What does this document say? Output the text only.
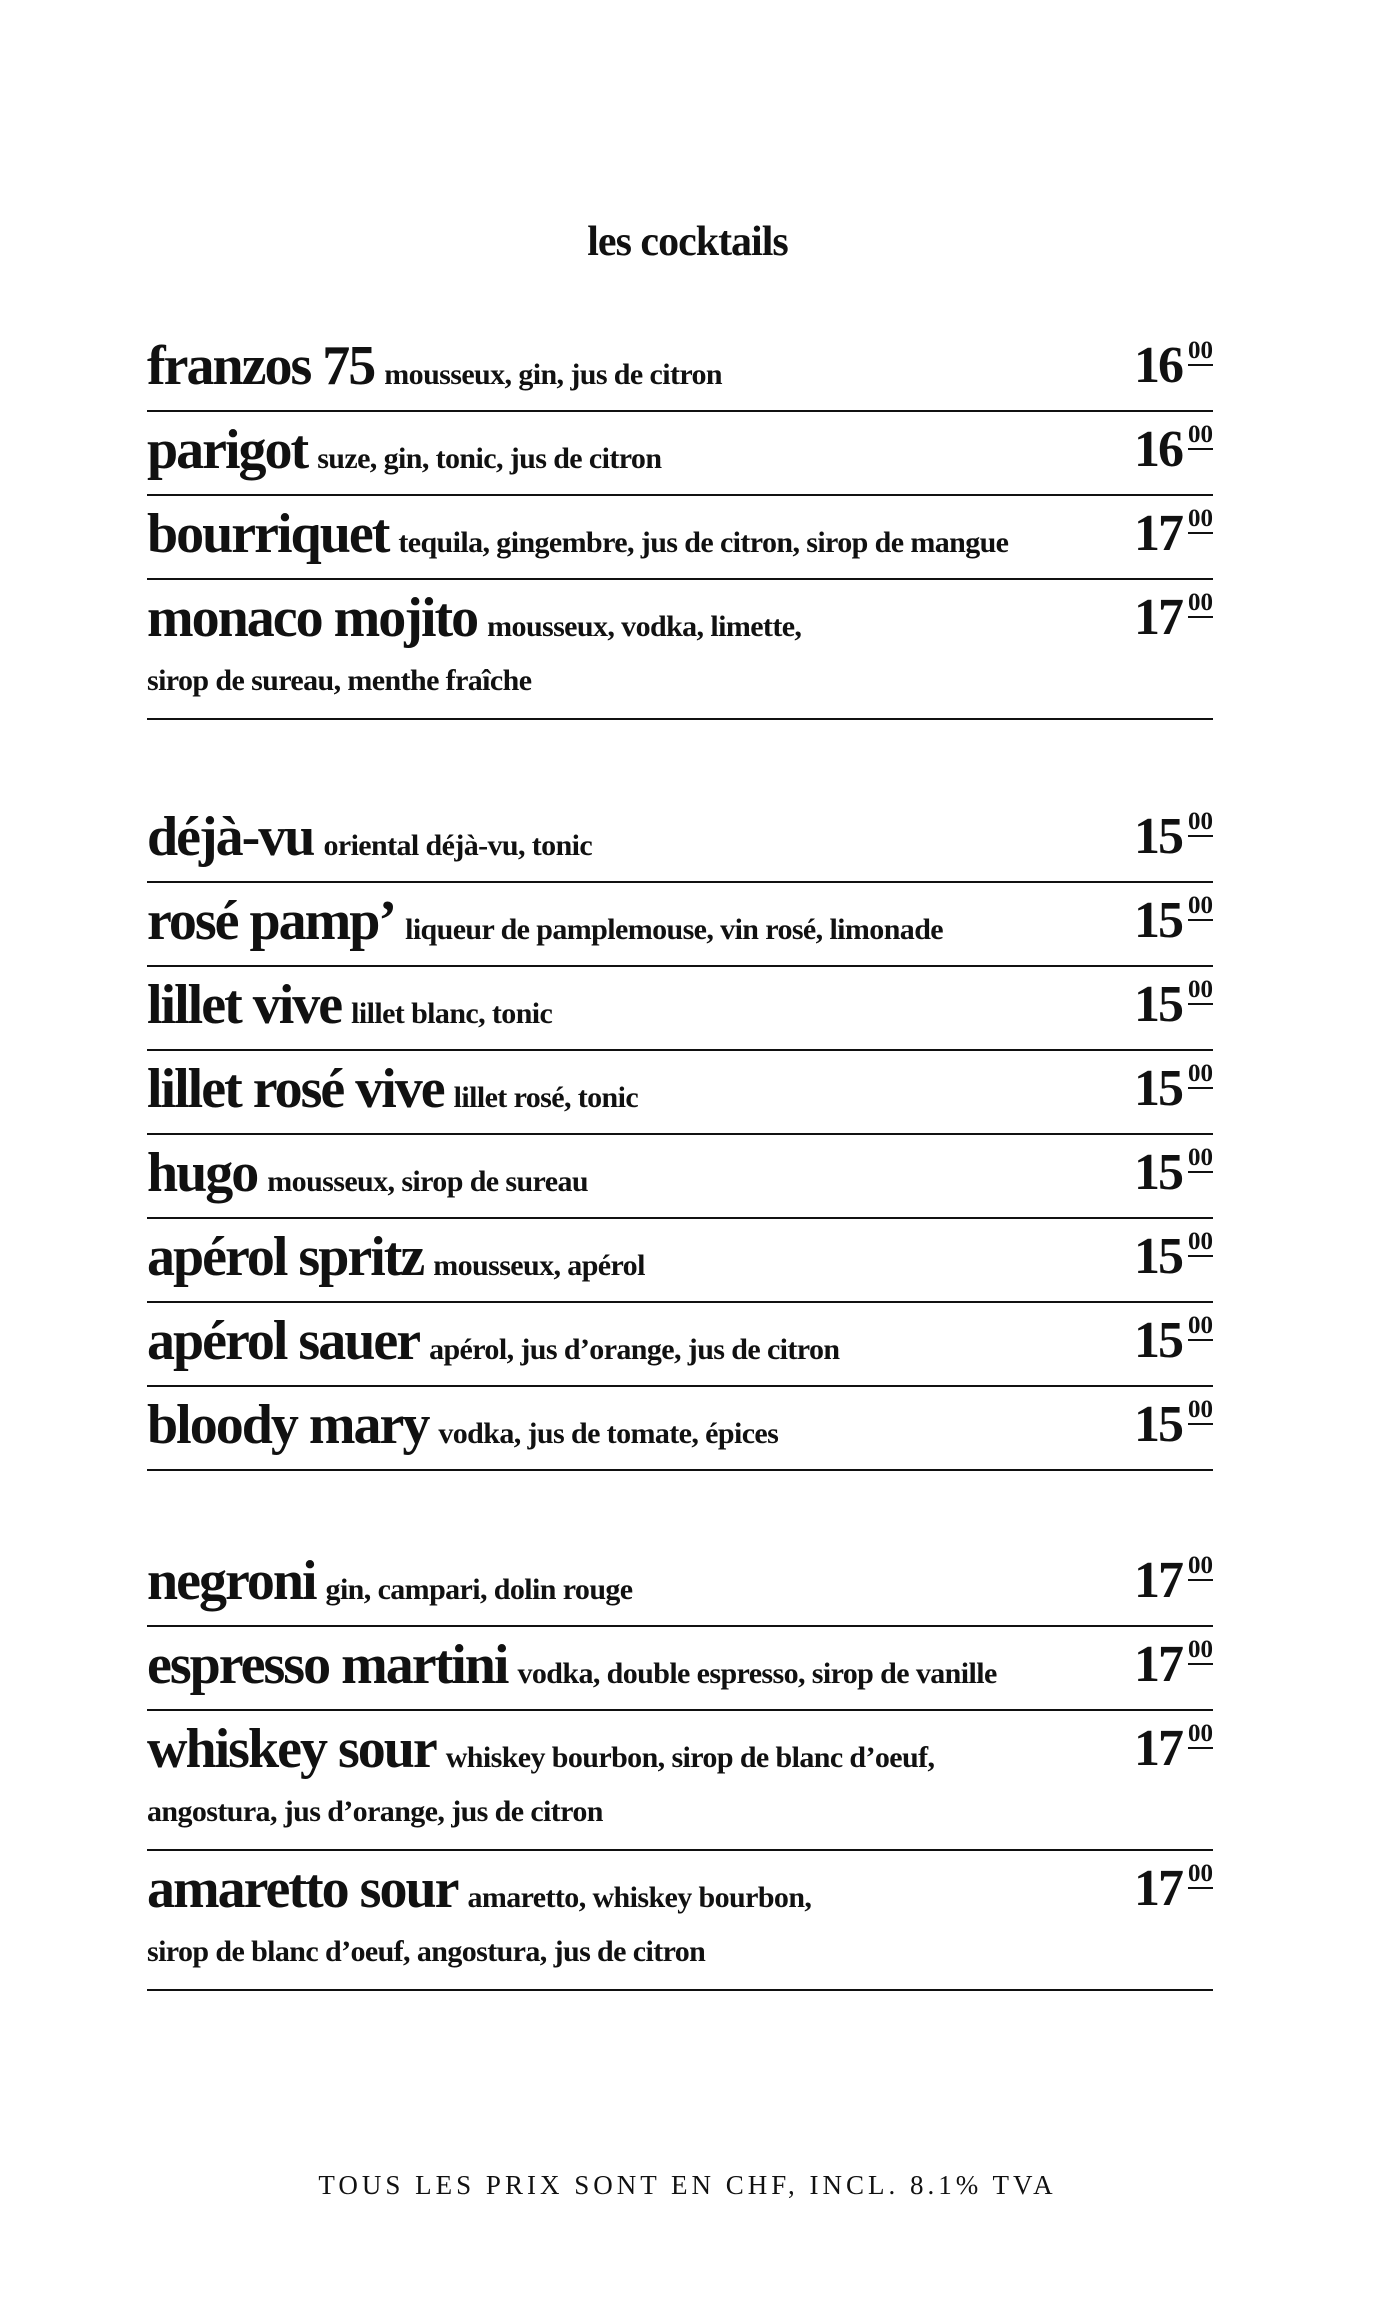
les cocktails
franzos 75 mousseux, gin, jus de citron	16 00
parigot suze, gin, tonic, jus de citron	16 00
bourriquet tequila, gingembre, jus de citron, sirop de mangue 17 00
monaco mojito mousseux, vodka, limette,
sirop de sureau, menthe fraîche
17 00
déjà-vu oriental déjà-vu, tonic	15 00
rosé pamp’ liqueur de pamplemouse, vin rosé, limonade	15 00
lillet vive lillet blanc, tonic	15 00
lillet rosé vive lillet rosé, tonic	15 00
hugo mousseux, sirop de sureau	15 00
apérol spritz mousseux, apérol	15 00
apérol sauer apérol, jus d’orange, jus de citron	15 00
bloody mary vodka, jus de tomate, épices	15 00
negroni gin, campari, dolin rouge	17 00
espresso martini vodka, double espresso, sirop de vanille	17 00
whiskey sour whiskey bourbon, sirop de blanc d’oeuf,
angostura, jus d’orange, jus de citron
17 00
amaretto sour amaretto, whiskey bourbon,
sirop de blanc d’oeuf, angostura, jus de citron
17 00
TOUS LES PRIX SONT EN CHF, INCL. 8.1% TVA
